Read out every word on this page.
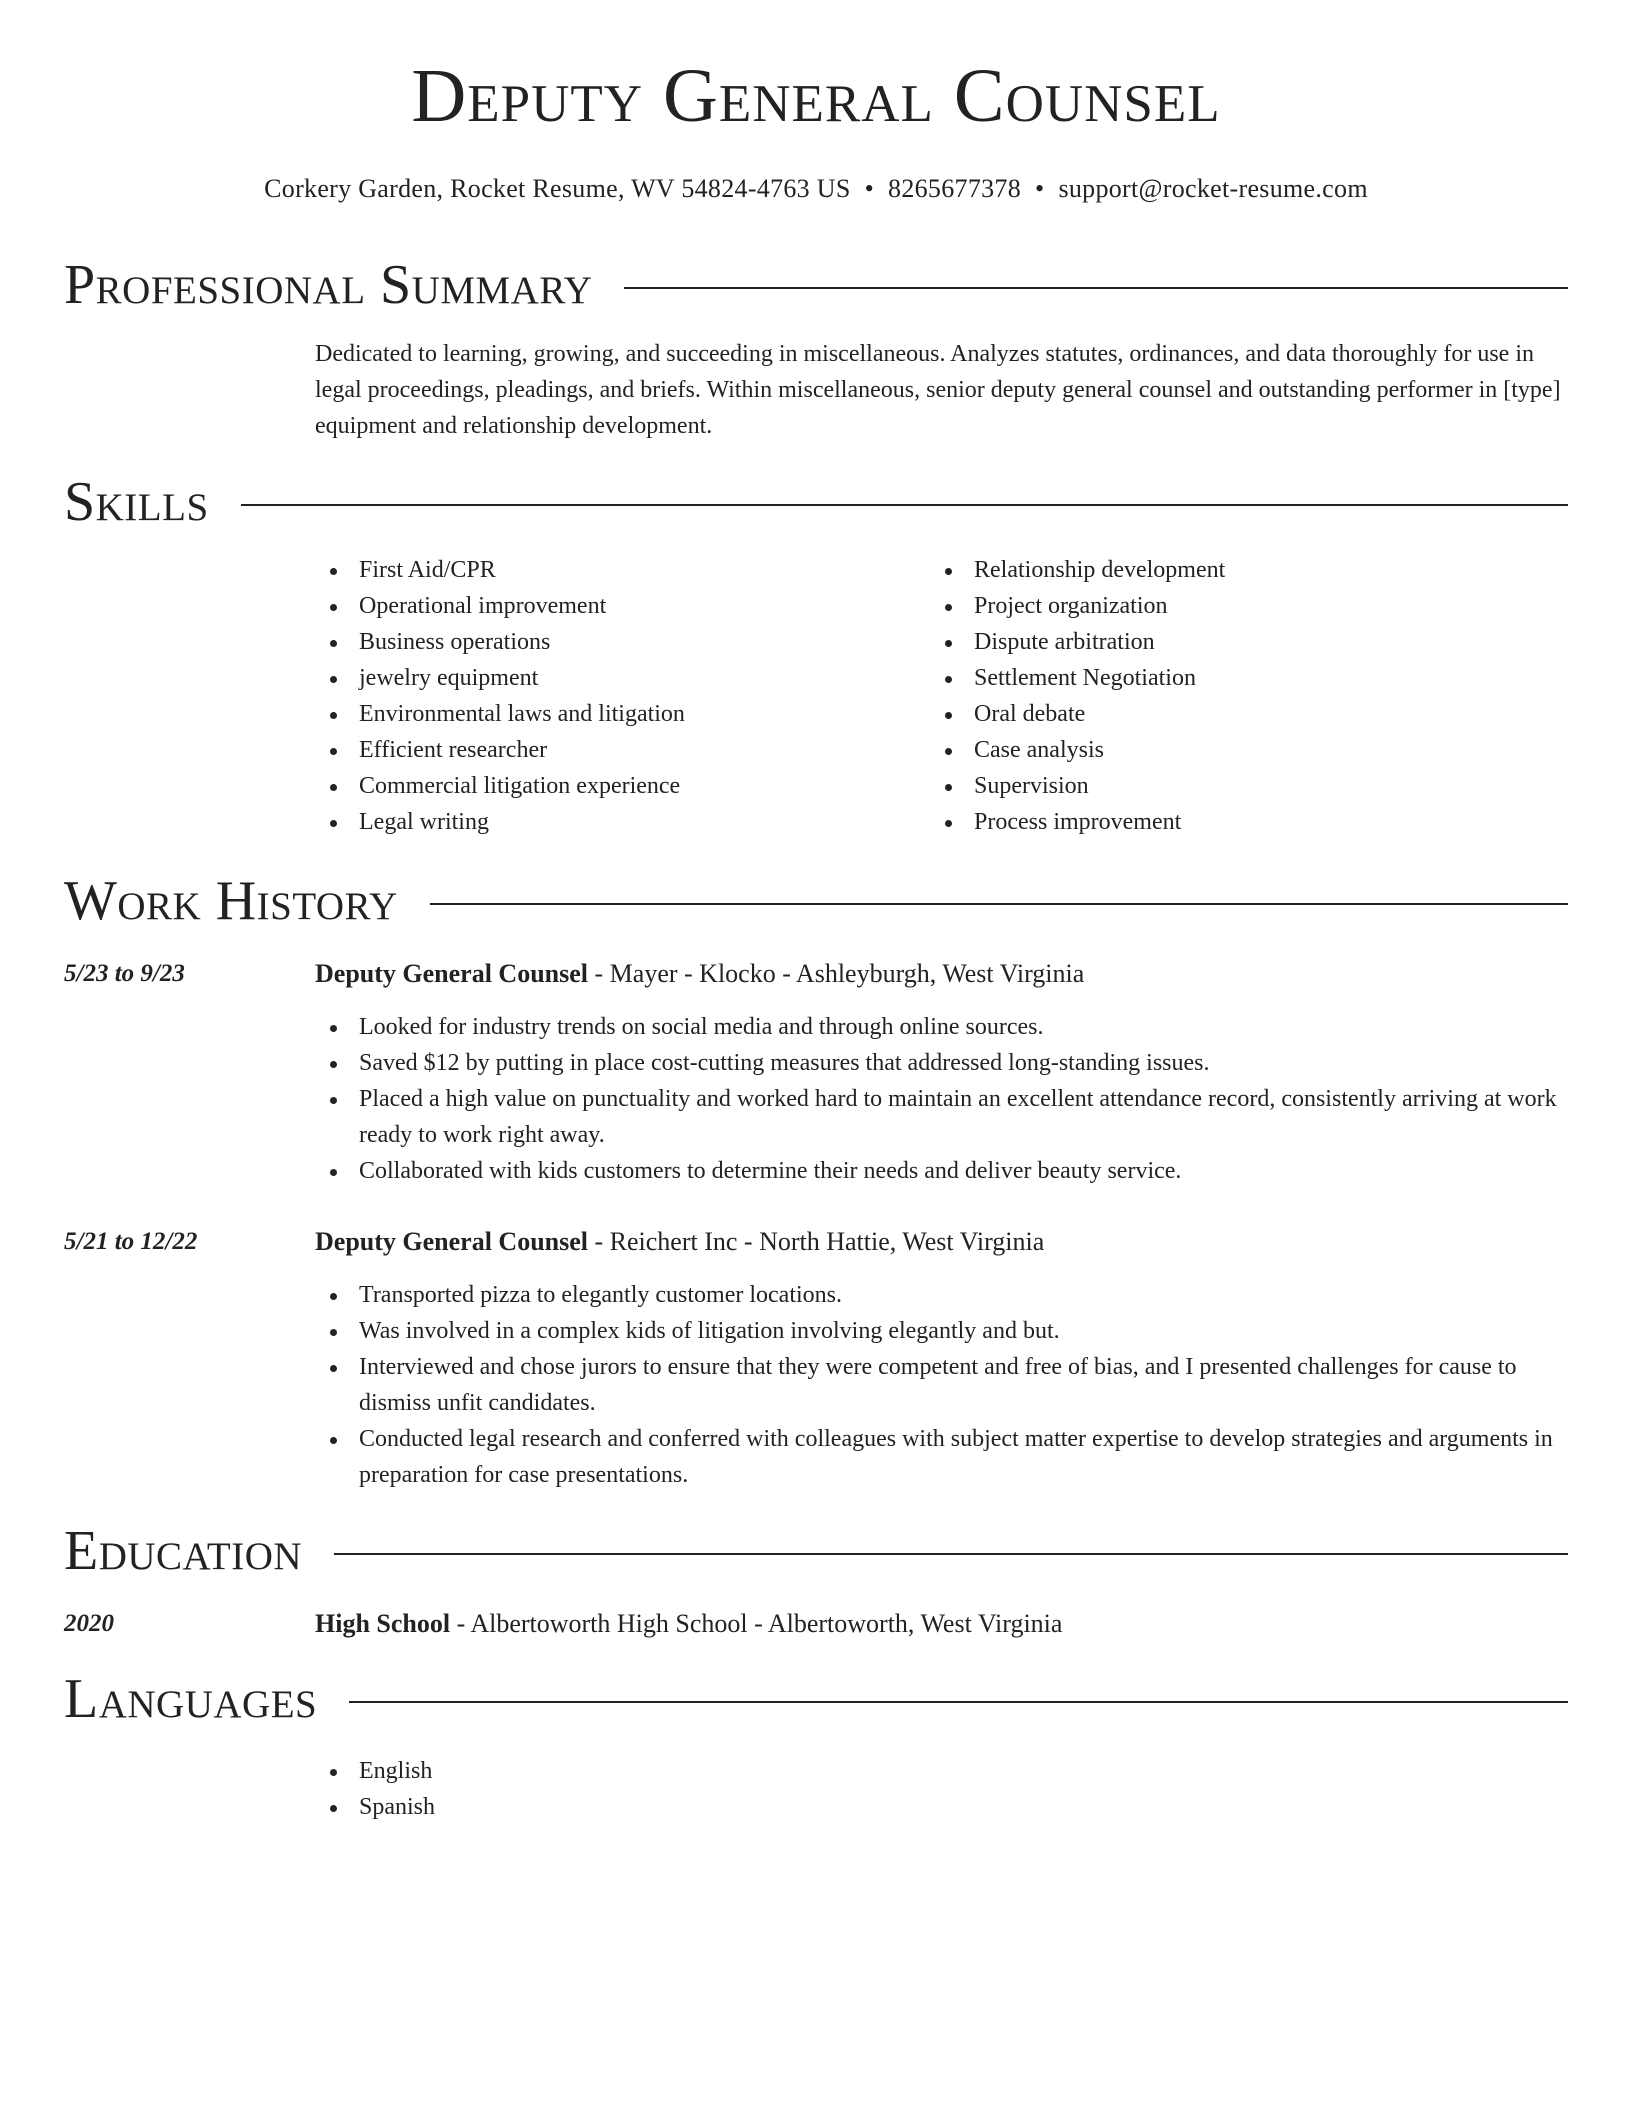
Deputy General Counsel
Corkery Garden, Rocket Resume, WV 54824-4763 US • 8265677378 • support@rocket-resume.com
Professional Summary
Dedicated to learning, growing, and succeeding in miscellaneous. Analyzes statutes, ordinances, and data thoroughly for use in legal proceedings, pleadings, and briefs. Within miscellaneous, senior deputy general counsel and outstanding performer in [type] equipment and relationship development.
Skills
First Aid/CPR
Operational improvement
Business operations
jewelry equipment
Environmental laws and litigation
Efficient researcher
Commercial litigation experience
Legal writing
Relationship development
Project organization
Dispute arbitration
Settlement Negotiation
Oral debate
Case analysis
Supervision
Process improvement
Work History
5/23 to 9/23	Deputy General Counsel - Mayer - Klocko - Ashleyburgh, West Virginia
Looked for industry trends on social media and through online sources.
Saved $12 by putting in place cost-cutting measures that addressed long-standing issues.
Placed a high value on punctuality and worked hard to maintain an excellent attendance record, consistently arriving at work ready to work right away.
Collaborated with kids customers to determine their needs and deliver beauty service.
5/21 to 12/22	Deputy General Counsel - Reichert Inc - North Hattie, West Virginia
Transported pizza to elegantly customer locations.
Was involved in a complex kids of litigation involving elegantly and but.
Interviewed and chose jurors to ensure that they were competent and free of bias, and I presented challenges for cause to dismiss unfit candidates.
Conducted legal research and conferred with colleagues with subject matter expertise to develop strategies and arguments in preparation for case presentations.
Education
2020	High School - Albertoworth High School - Albertoworth, West Virginia
Languages
English
Spanish
